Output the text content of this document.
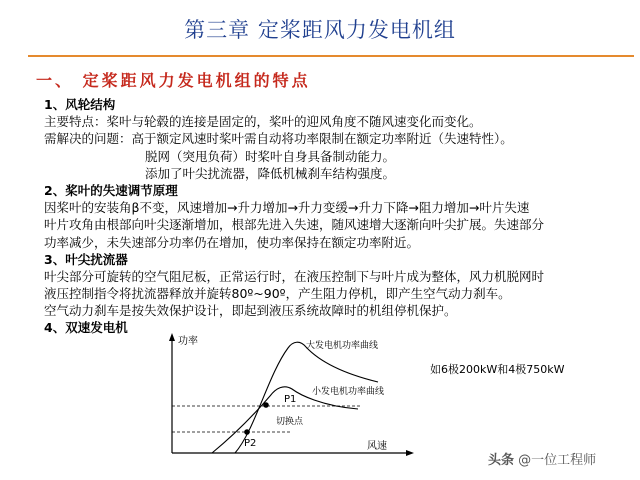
第三章 定桨距风力发电机组
一、 定桨距风力发电机组的特点
1、风轮结构
主要特点：桨叶与轮毂的连接是固定的，桨叶的迎风角度不随风速变化而变化。
需解决的问题：高于额定风速时桨叶需自动将功率限制在额定功率附近（失速特性）。
脱网（突甩负荷）时桨叶自身具备制动能力。
添加了叶尖扰流器，降低机械刹车结构强度。
2、桨叶的失速调节原理
因桨叶的安装角β不变，风速增加→升力增加→升力变缓→升力下降→阻力增加→叶片失速
叶片攻角由根部向叶尖逐渐增加，根部先进入失速，随风速增大逐渐向叶尖扩展。失速部分
功率减少，未失速部分功率仍在增加，使功率保持在额定功率附近。
3、叶尖扰流器
叶尖部分可旋转的空气阻尼板，正常运行时，在液压控制下与叶片成为整体，风力机脱网时
液压控制指令将扰流器释放并旋转80º~90º，产生阻力停机，即产生空气动力刹车。
空气动力刹车是按失效保护设计，即起到液压系统故障时的机组停机保护。
4、双速发电机
功率
风速
大发电机功率曲线
小发电机功率曲线
P1
切换点
P2
如6极200kW和4极750kW
头条 @一位工程师
